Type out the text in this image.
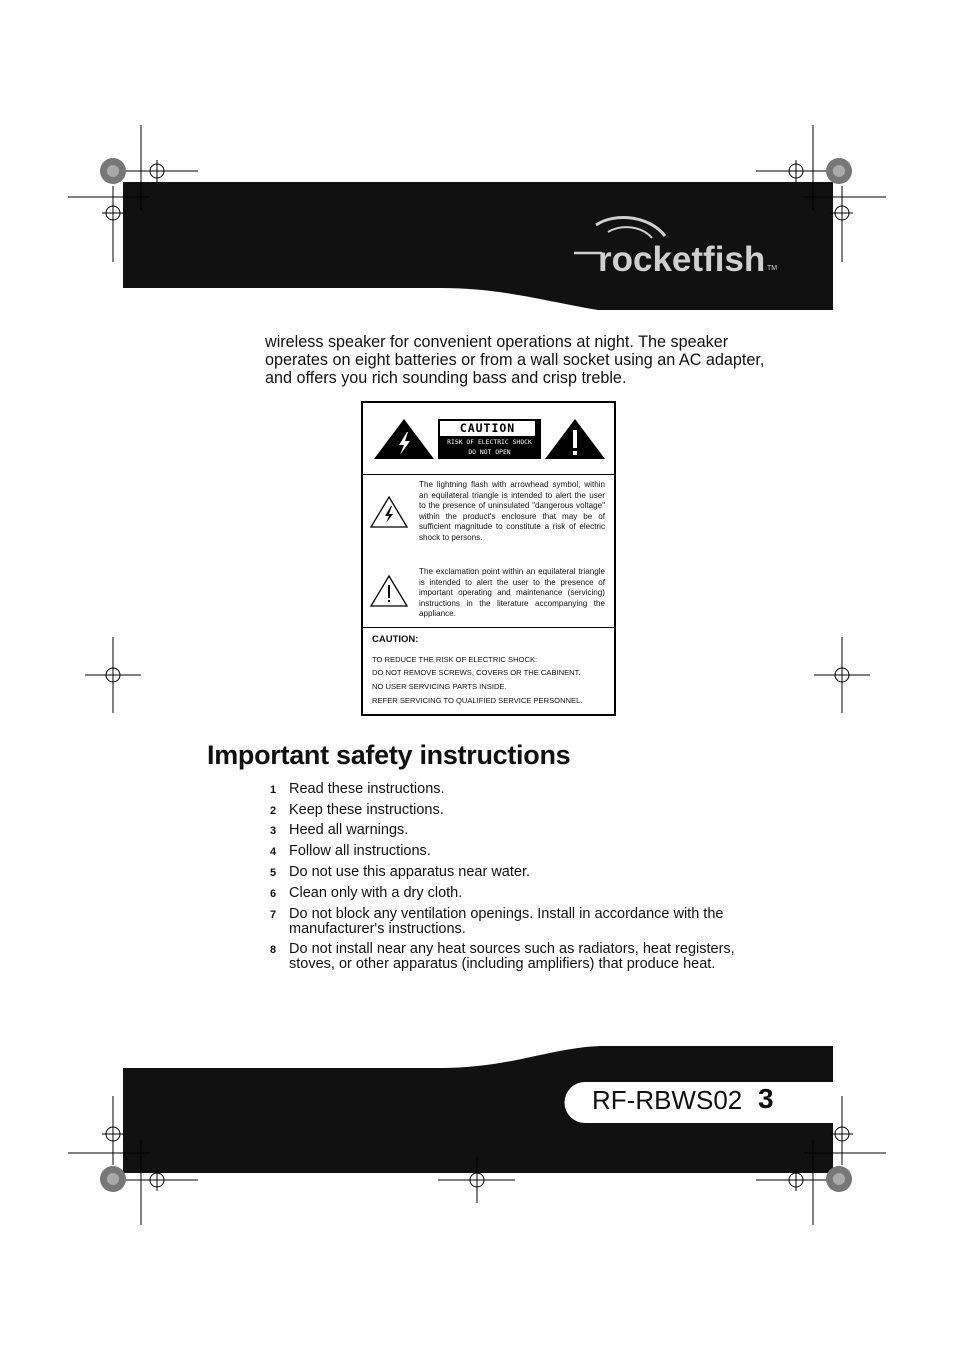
rocketfish TM

wireless speaker for convenient operations at night. The speaker
operates on eight batteries or from a wall socket using an AC adapter,
and offers you rich sounding bass and crisp treble.

CAUTION
RISK OF ELECTRIC SHOCK
DO NOT OPEN

The lightning flash with arrowhead symbol, within an equilateral triangle is intended to alert the user to the presence of uninsulated "dangerous voltage" within the product's enclosure that may be of sufficient magnitude to constitute a risk of electric shock to persons.

The exclamation point within an equilateral triangle is intended to alert the user to the presence of important operating and maintenance (servicing) instructions in the literature accompanying the appliance.

CAUTION:
TO REDUCE THE RISK OF ELECTRIC SHOCK:
DO NOT REMOVE SCREWS, COVERS OR THE CABINENT.
NO USER SERVICING PARTS INSIDE.
REFER SERVICING TO QUALIFIED SERVICE PERSONNEL.
Important safety instructions
1 Read these instructions.
2 Keep these instructions.
3 Heed all warnings.
4 Follow all instructions.
5 Do not use this apparatus near water.
6 Clean only with a dry cloth.
7 Do not block any ventilation openings. Install in accordance with the manufacturer's instructions.
8 Do not install near any heat sources such as radiators, heat registers, stoves, or other apparatus (including amplifiers) that produce heat.
RF-RBWS02 3
